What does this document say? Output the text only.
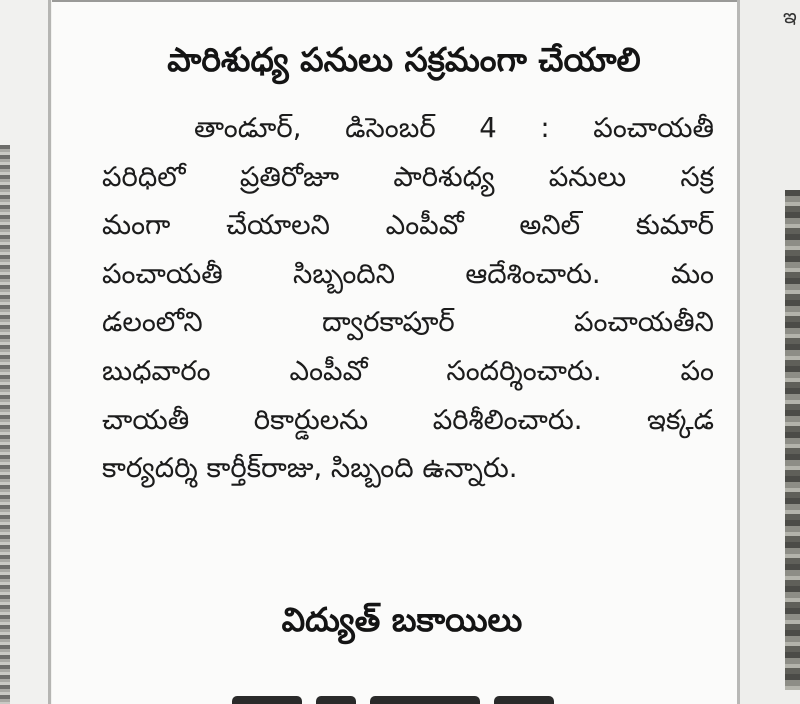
పారిశుధ్య పనులు సక్రమంగా చేయాలి
తాండూర్, డిసెంబర్ 4 : పంచాయతీ
పరిధిలో ప్రతిరోజూ పారిశుధ్య పనులు సక్ర
మంగా చేయాలని ఎంపీవో అనిల్ కుమార్
పంచాయతీ సిబ్బందిని ఆదేశించారు. మం
డలంలోని ద్వారకాపూర్ పంచాయతీని
బుధవారం ఎంపీవో సందర్శించారు. పం
చాయతీ రికార్డులను పరిశీలించారు. ఇక్కడ
కార్యదర్శి కార్తీక్‌రాజు, సిబ్బంది ఉన్నారు.
విద్యుత్ బకాయిలు
ఇ
